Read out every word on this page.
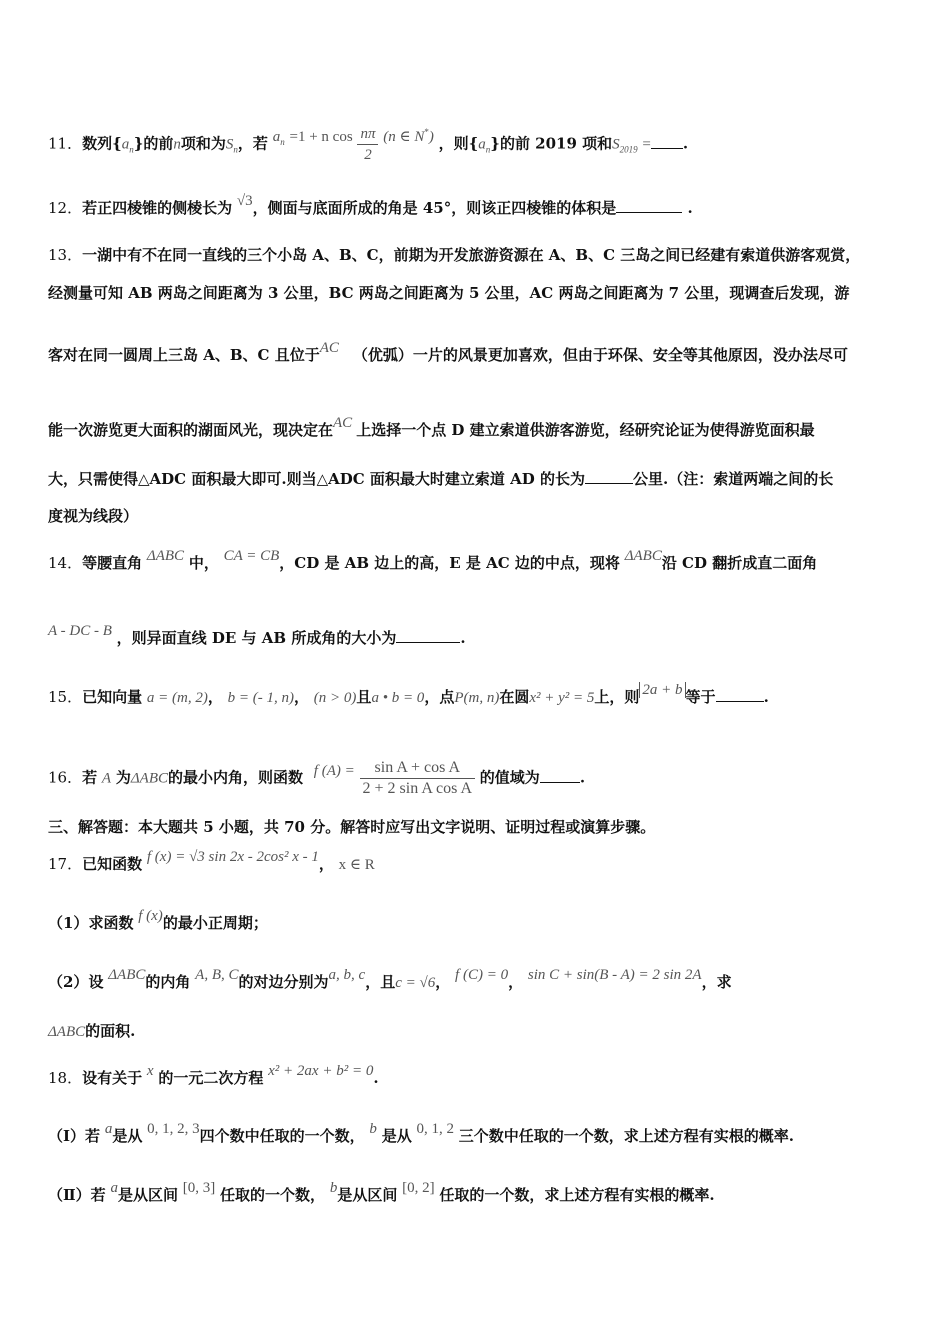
11．数列$\{a_n\}$的前n项和为$S_n$，若 $a_n =1 + n$ $\cos \frac{n\pi}{2} (n$ ∈ N*) ，则$\{a_n\}$的前 2019 项和$S_{2019}$ = .
12．若正四棱锥的侧棱长为 √3，侧面与底面所成的角是 45°，则该正四棱锥的体积是	.
13．一湖中有不在同一直线的三个小岛 A、B、C，前期为开发旅游资源在 A、B、C 三岛之间已经建有索道供游客观赏，
经测量可知 AB 两岛之间距离为 3 公里，BC 两岛之间距离为 5 公里，AC 两岛之间距离为 7 公里，现调查后发现，游
客对在同一圆周上三岛 A、B、C 且位于AC （优弧）一片的风景更加喜欢，但由于环保、安全等其他原因，没办法尽可
能一次游览更大面积的湖面风光，现决定在AC 上选择一个点 D 建立索道供游客游览，经研究论证为使得游览面积最
大，只需使得△ADC 面积最大即可.则当△ADC 面积最大时建立索道 AD 的长为	公里.（注：索道两端之间的长
度视为线段）
14．等腰直角 ΔABC 中， CA = CB，CD 是 AB 边上的高，E 是 AC 边的中点，现将 ΔABC沿 CD 翻折成直二面角
A - DC - B ，则异面直线 DE 与 AB 所成角的大小为	.
15．已知向量 a = (m, 2)， b = (- 1, n)， (n > 0)且a • b = 0，点P(m, n)在圆x² + y² = 5上，则 2a + b 等于	.
16．若 A 为ΔABC的最小内角，则函数 f $(A) = \frac{\text{sin A + cos A}}{\text{2 + 2 sin A cos A}}$ 的值域为	.
三、解答题：本大题共 5 小题，共 70 分。解答时应写出文字说明、证明过程或演算步骤。
17．已知函数 f (x) = √3 sin 2x - 2cos² x - 1， x ∈ R
（1）求函数 f (x)的最小正周期；
（2）设 ΔABC的内角 A, B, C的对边分别为a, b, c，且c = √6， f (C) = 0， sin C + sin(B - A) = 2 sin 2A，求
ΔABC的面积.
18．设有关于 x 的一元二次方程 x² + 2ax + b² = 0.
（Ⅰ）若 a是从 0, 1, 2, 3四个数中任取的一个数， b 是从 0, 1, 2 三个数中任取的一个数，求上述方程有实根的概率.
（Ⅱ）若 a是从区间 [0, 3] 任取的一个数， b是从区间 [0, 2] 任取的一个数，求上述方程有实根的概率.
